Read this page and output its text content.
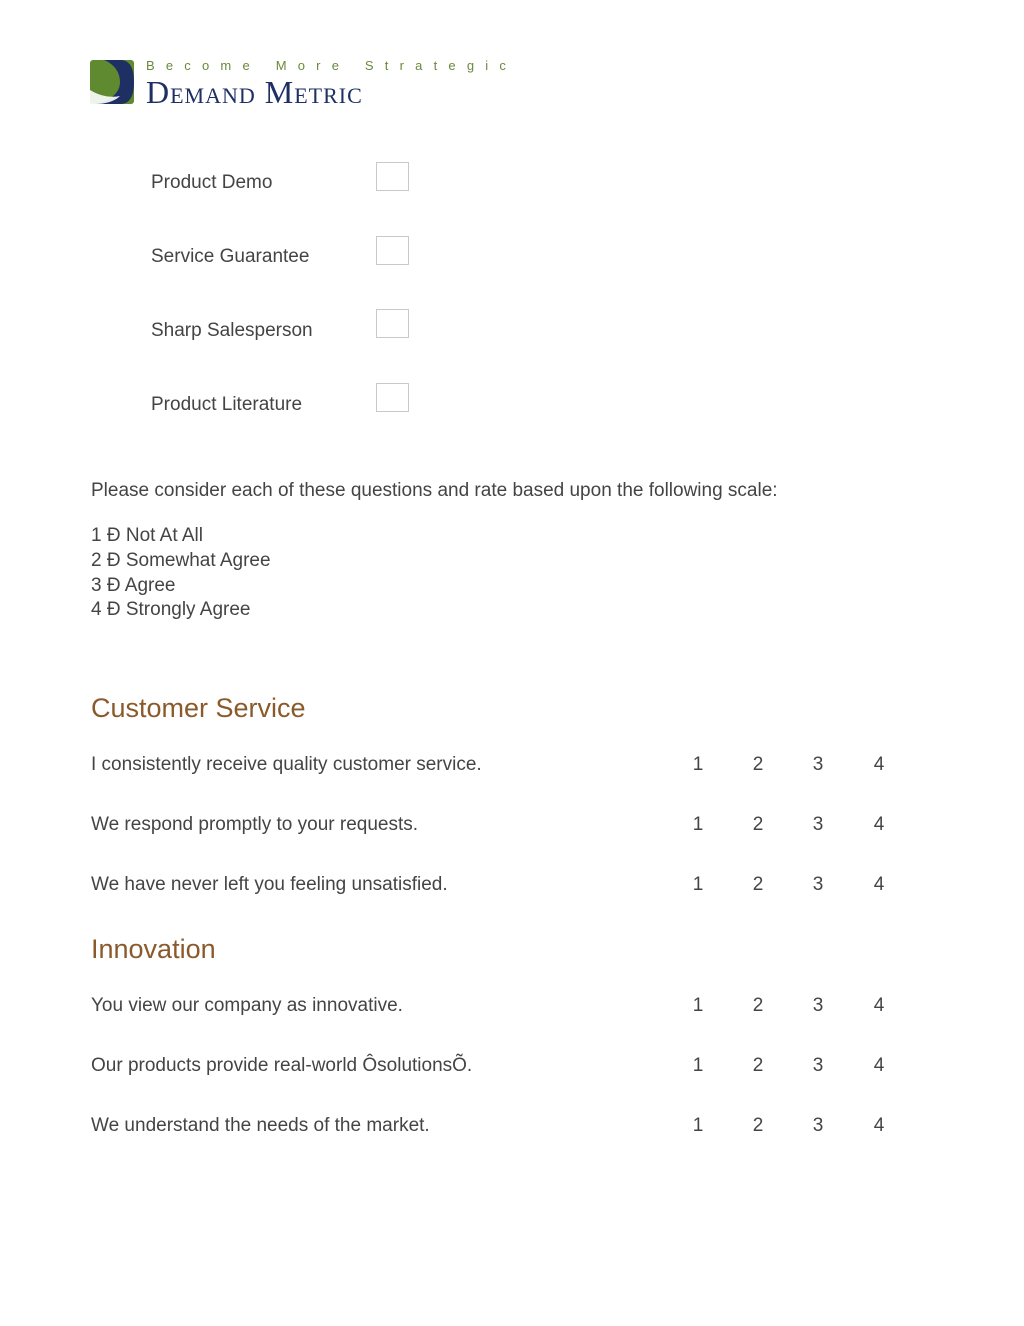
Become More Strategic
Demand Metric
Product Demo
Service Guarantee
Sharp Salesperson
Product Literature
Please consider each of these questions and rate based upon the following scale:
1 Ð Not At All
2 Ð Somewhat Agree
3 Ð Agree
4 Ð Strongly Agree
Customer Service
I consistently receive quality customer service.	1	2	3	4
We respond promptly to your requests.	1	2	3	4
We have never left you feeling unsatisfied.	1	2	3	4
Innovation
You view our company as innovative.	1	2	3	4
Our products provide real-world ÔsolutionsÕ.	1	2	3	4
We understand the needs of the market.	1	2	3	4
